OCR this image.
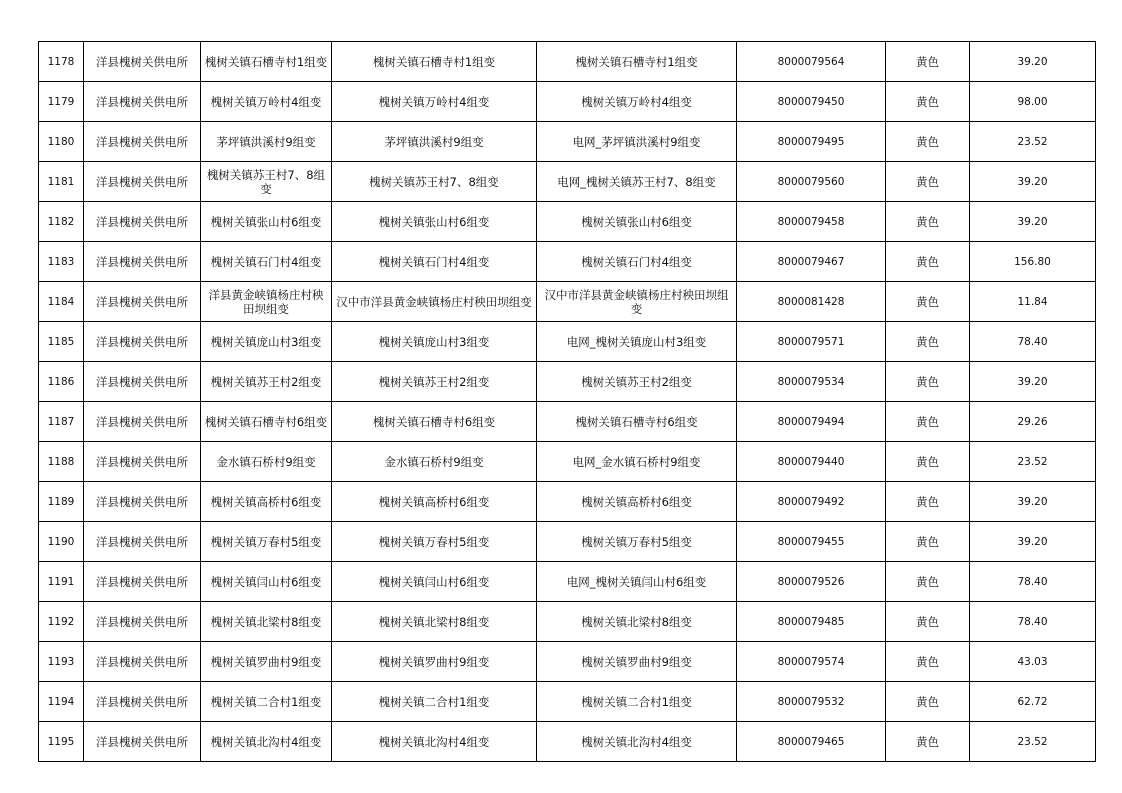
1178	洋县槐树关供电所	槐树关镇石槽寺村1组变	槐树关镇石槽寺村1组变	槐树关镇石槽寺村1组变	8000079564	黄色	39.20
1179	洋县槐树关供电所	槐树关镇万岭村4组变	槐树关镇万岭村4组变	槐树关镇万岭村4组变	8000079450	黄色	98.00
1180	洋县槐树关供电所	茅坪镇洪溪村9组变	茅坪镇洪溪村9组变	电网_茅坪镇洪溪村9组变	8000079495	黄色	23.52
1181	洋县槐树关供电所	槐树关镇苏王村7、8组变	槐树关镇苏王村7、8组变	电网_槐树关镇苏王村7、8组变	8000079560	黄色	39.20
1182	洋县槐树关供电所	槐树关镇张山村6组变	槐树关镇张山村6组变	槐树关镇张山村6组变	8000079458	黄色	39.20
1183	洋县槐树关供电所	槐树关镇石门村4组变	槐树关镇石门村4组变	槐树关镇石门村4组变	8000079467	黄色	156.80
1184	洋县槐树关供电所	洋县黄金峡镇杨庄村秧田坝组变	汉中市洋县黄金峡镇杨庄村秧田坝组变	汉中市洋县黄金峡镇杨庄村秧田坝组变	8000081428	黄色	11.84
1185	洋县槐树关供电所	槐树关镇庞山村3组变	槐树关镇庞山村3组变	电网_槐树关镇庞山村3组变	8000079571	黄色	78.40
1186	洋县槐树关供电所	槐树关镇苏王村2组变	槐树关镇苏王村2组变	槐树关镇苏王村2组变	8000079534	黄色	39.20
1187	洋县槐树关供电所	槐树关镇石槽寺村6组变	槐树关镇石槽寺村6组变	槐树关镇石槽寺村6组变	8000079494	黄色	29.26
1188	洋县槐树关供电所	金水镇石桥村9组变	金水镇石桥村9组变	电网_金水镇石桥村9组变	8000079440	黄色	23.52
1189	洋县槐树关供电所	槐树关镇高桥村6组变	槐树关镇高桥村6组变	槐树关镇高桥村6组变	8000079492	黄色	39.20
1190	洋县槐树关供电所	槐树关镇万春村5组变	槐树关镇万春村5组变	槐树关镇万春村5组变	8000079455	黄色	39.20
1191	洋县槐树关供电所	槐树关镇闫山村6组变	槐树关镇闫山村6组变	电网_槐树关镇闫山村6组变	8000079526	黄色	78.40
1192	洋县槐树关供电所	槐树关镇北梁村8组变	槐树关镇北梁村8组变	槐树关镇北梁村8组变	8000079485	黄色	78.40
1193	洋县槐树关供电所	槐树关镇罗曲村9组变	槐树关镇罗曲村9组变	槐树关镇罗曲村9组变	8000079574	黄色	43.03
1194	洋县槐树关供电所	槐树关镇二合村1组变	槐树关镇二合村1组变	槐树关镇二合村1组变	8000079532	黄色	62.72
1195	洋县槐树关供电所	槐树关镇北沟村4组变	槐树关镇北沟村4组变	槐树关镇北沟村4组变	8000079465	黄色	23.52
